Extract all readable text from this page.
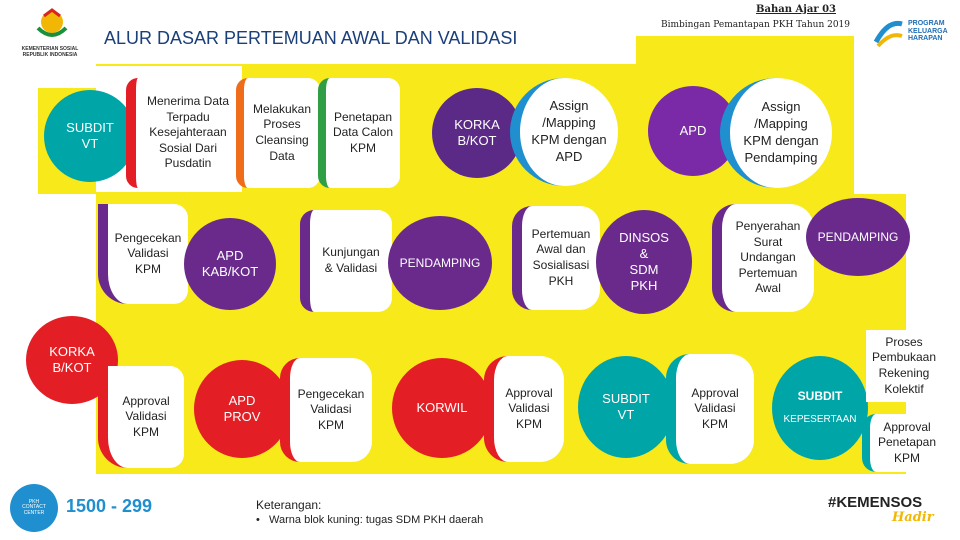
KEMENTERIAN SOSIAL
REPUBLIK INDONESIA
ALUR DASAR PERTEMUAN AWAL DAN VALIDASI
Bahan Ajar 03
Bimbingan Pemantapan PKH Tahun 2019	PROGRAM
KELUARGA
HARAPAN
SUBDIT
VT
Menerima Data
Terpadu
Kesejahteraan
Sosial Dari
Pusdatin
Melakukan
Proses
Cleansing
Data
Penetapan
Data Calon
KPM
KORKA
B/KOT
Assign
/Mapping
KPM dengan
APD
APD
Assign
/Mapping
KPM dengan
Pendamping
Pengecekan
Validasi
KPM
APD
KAB/KOT
Kunjungan
& Validasi PENDAMPING
Pertemuan
Awal dan
Sosialisasi
PKH
DINSOS
&
SDM
PKH
Penyerahan
Surat
Undangan
Pertemuan
Awal
PENDAMPING
KORKA
B/KOT
Approval
Validasi
KPM
APD
PROV
Pengecekan
Validasi
KPM
KORWIL
Approval
Validasi
KPM
SUBDIT
VT
Approval
Validasi
KPM
SUBDIT
KEPESERTAAN
Proses
Pembukaan
Rekening
Kolektif
Approval
Penetapan
KPM
PKH
CONTACT
CENTER 1500 - 299	Keterangan:
•   Warna blok kuning: tugas SDM PKH daerah
#KEMENSOS
Hadir
